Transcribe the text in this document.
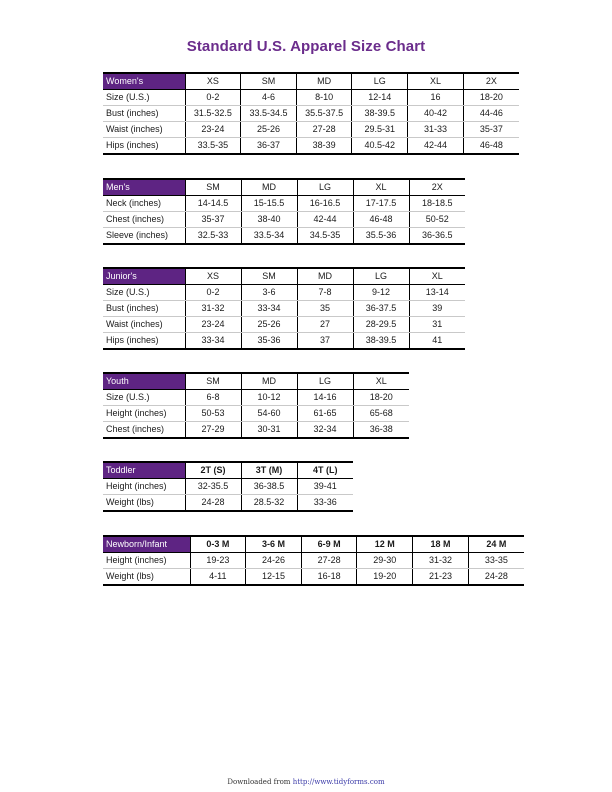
Standard U.S. Apparel Size Chart
Women's	XS	SM	MD	LG	XL	2X
Size (U.S.)	0-2	4-6	8-10	12-14	16	18-20
Bust (inches)	31.5-32.5	33.5-34.5	35.5-37.5	38-39.5	40-42	44-46
Waist (inches)	23-24	25-26	27-28	29.5-31	31-33	35-37
Hips (inches)	33.5-35	36-37	38-39	40.5-42	42-44	46-48
Men's	SM	MD	LG	XL	2X
Neck (inches)	14-14.5	15-15.5	16-16.5	17-17.5	18-18.5
Chest (inches)	35-37	38-40	42-44	46-48	50-52
Sleeve (inches)	32.5-33	33.5-34	34.5-35	35.5-36	36-36.5
Junior's	XS	SM	MD	LG	XL
Size (U.S.)	0-2	3-6	7-8	9-12	13-14
Bust (inches)	31-32	33-34	35	36-37.5	39
Waist (inches)	23-24	25-26	27	28-29.5	31
Hips (inches)	33-34	35-36	37	38-39.5	41
Youth	SM	MD	LG	XL
Size (U.S.)	6-8	10-12	14-16	18-20
Height (inches)	50-53	54-60	61-65	65-68
Chest (inches)	27-29	30-31	32-34	36-38
Toddler	2T (S)	3T (M)	4T (L)
Height (inches)	32-35.5	36-38.5	39-41
Weight (lbs)	24-28	28.5-32	33-36
Newborn/Infant	0-3 M	3-6 M	6-9 M	12 M	18 M	24 M
Height (inches)	19-23	24-26	27-28	29-30	31-32	33-35
Weight (lbs)	4-11	12-15	16-18	19-20	21-23	24-28
Downloaded from http://www.tidyforms.com
